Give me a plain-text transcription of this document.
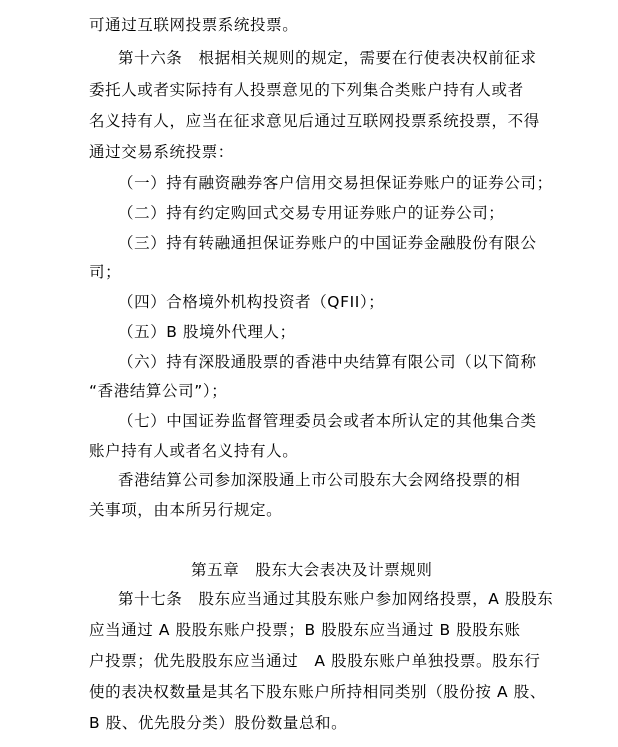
可通过互联网投票系统投票。
第十六条　根据相关规则的规定，需要在行使表决权前征求
委托人或者实际持有人投票意见的下列集合类账户持有人或者
名义持有人，应当在征求意见后通过互联网投票系统投票，不得
通过交易系统投票：
（一）持有融资融券客户信用交易担保证券账户的证券公司；
（二）持有约定购回式交易专用证券账户的证券公司；
（三）持有转融通担保证券账户的中国证券金融股份有限公
司；
（四）合格境外机构投资者（QFII）；
（五）B 股境外代理人；
（六）持有深股通股票的香港中央结算有限公司（以下简称
“香港结算公司”）；
（七）中国证券监督管理委员会或者本所认定的其他集合类
账户持有人或者名义持有人。
香港结算公司参加深股通上市公司股东大会网络投票的相
关事项，由本所另行规定。
第五章　股东大会表决及计票规则
第十七条　股东应当通过其股东账户参加网络投票，A 股股东
应当通过 A 股股东账户投票；B 股股东应当通过 B 股股东账
户投票；优先股股东应当通过　A 股股东账户单独投票。股东行
使的表决权数量是其名下股东账户所持相同类别（股份按 A 股、
B 股、优先股分类）股份数量总和。
